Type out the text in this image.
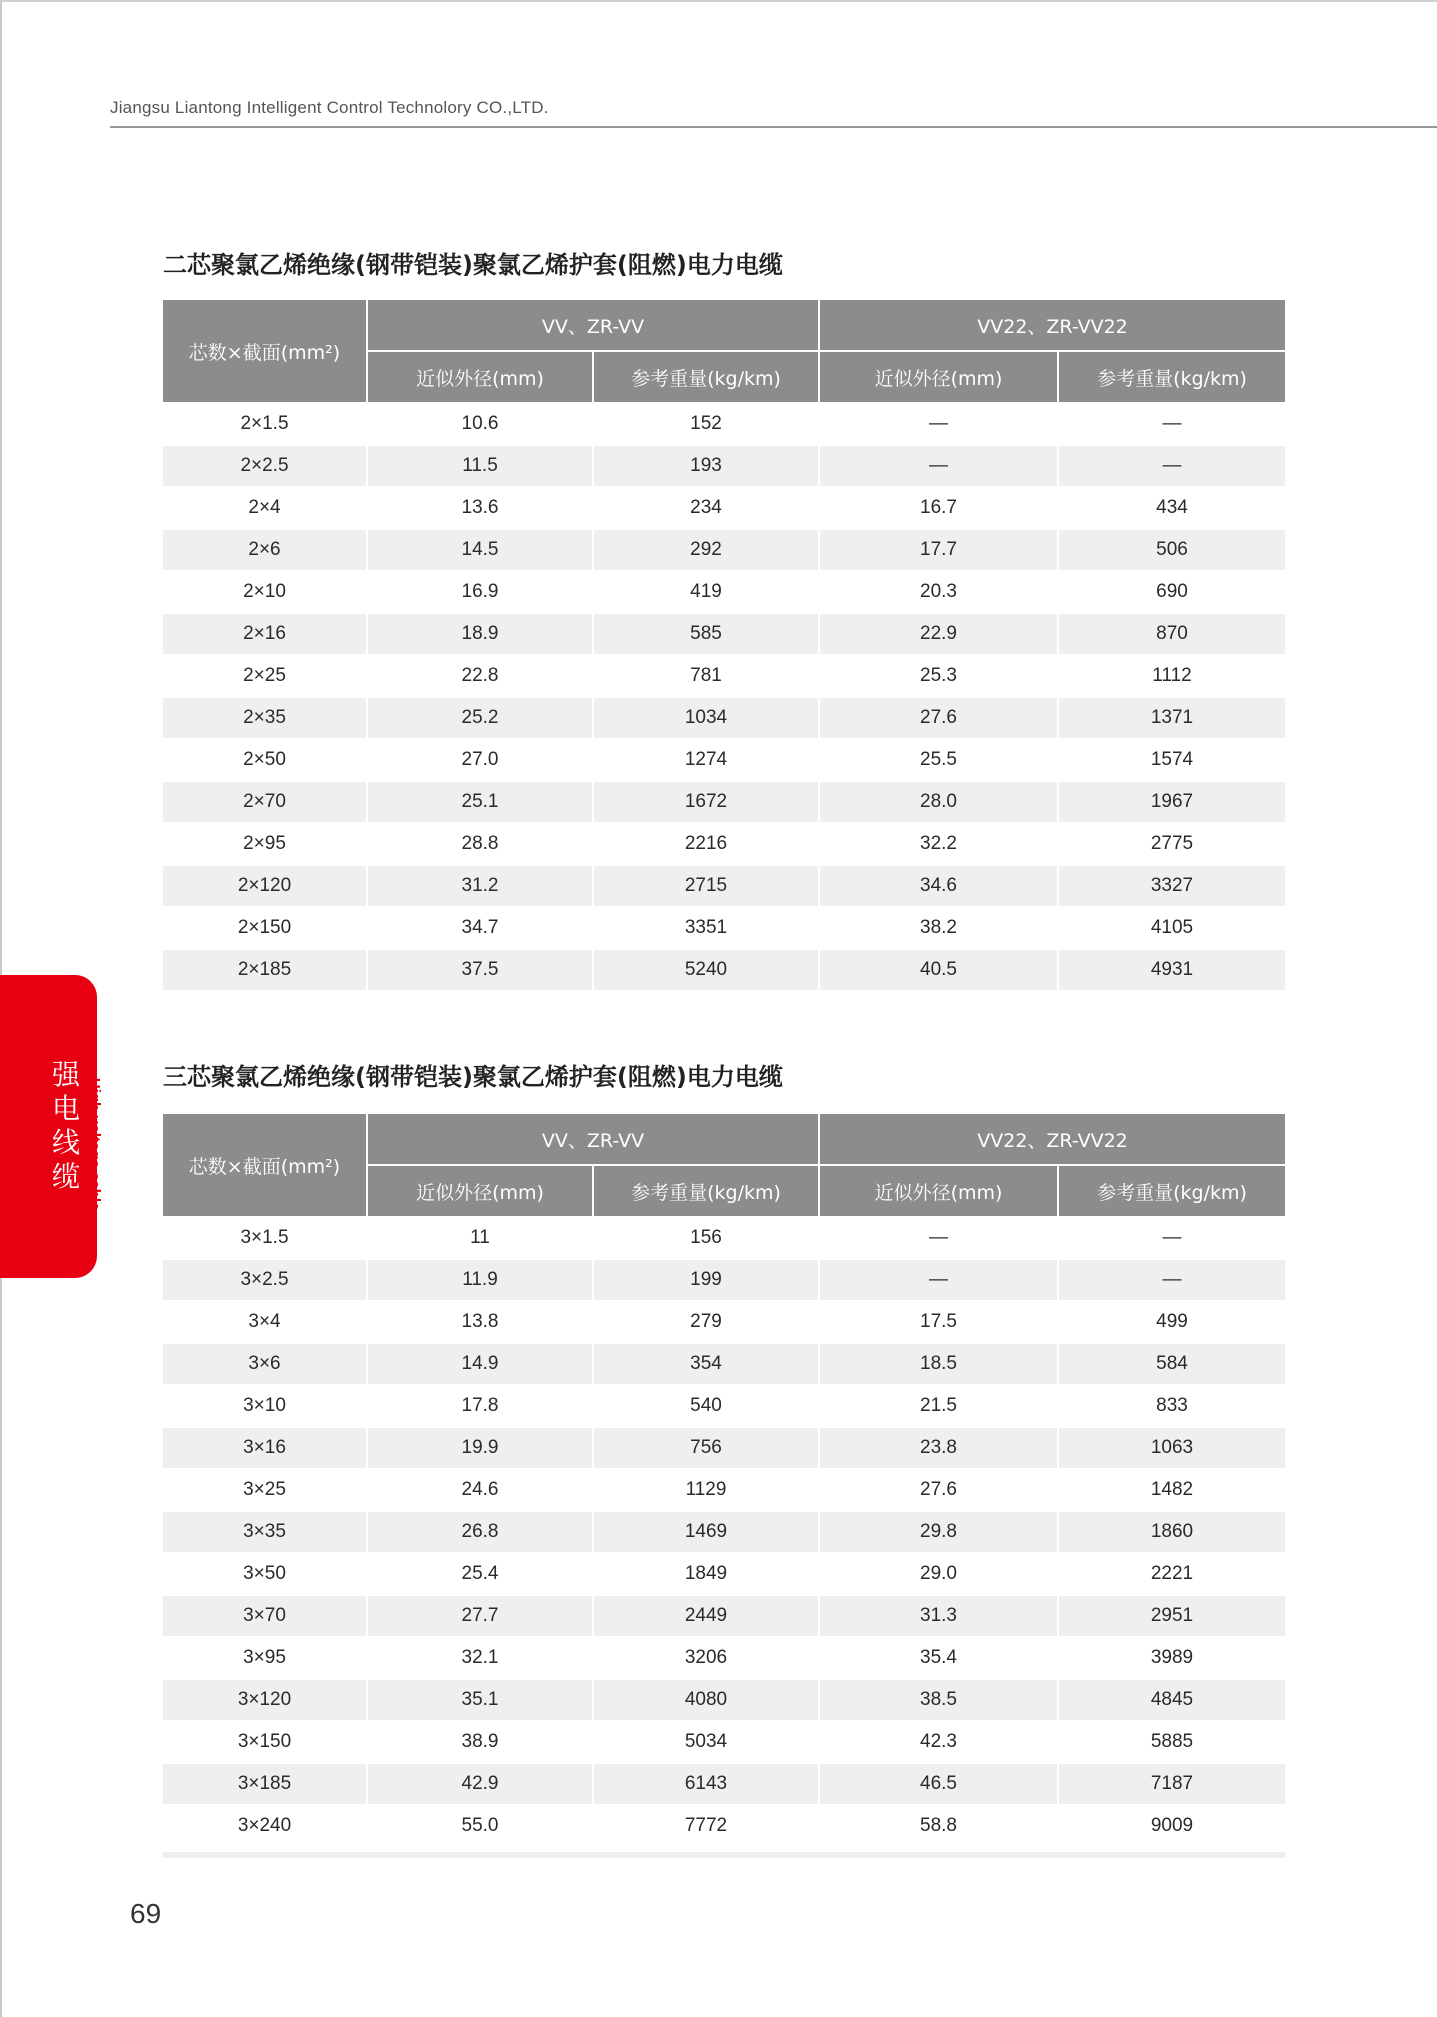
Jiangsu Liantong Intelligent Control Technolory CO.,LTD.
二芯聚氯乙烯绝缘(钢带铠装)聚氯乙烯护套(阻燃)电力电缆
芯数×截面(mm²)	VV、ZR-VV		VV22、ZR-VV22	
	近似外径(mm)	参考重量(kg/km)	近似外径(mm)	参考重量(kg/km)
2×1.5	10.6	152	—	—
2×2.5	11.5	193	—	—
2×4	13.6	234	16.7	434
2×6	14.5	292	17.7	506
2×10	16.9	419	20.3	690
2×16	18.9	585	22.9	870
2×25	22.8	781	25.3	1112
2×35	25.2	1034	27.6	1371
2×50	27.0	1274	25.5	1574
2×70	25.1	1672	28.0	1967
2×95	28.8	2216	32.2	2775
2×120	31.2	2715	34.6	3327
2×150	34.7	3351	38.2	4105
2×185	37.5	5240	40.5	4931
三芯聚氯乙烯绝缘(钢带铠装)聚氯乙烯护套(阻燃)电力电缆
芯数×截面(mm²)	VV、ZR-VV		VV22、ZR-VV22	
	近似外径(mm)	参考重量(kg/km)	近似外径(mm)	参考重量(kg/km)
3×1.5	11	156	—	—
3×2.5	11.9	199	—	—
3×4	13.8	279	17.5	499
3×6	14.9	354	18.5	584
3×10	17.8	540	21.5	833
3×16	19.9	756	23.8	1063
3×25	24.6	1129	27.6	1482
3×35	26.8	1469	29.8	1860
3×50	25.4	1849	29.0	2221
3×70	27.7	2449	31.3	2951
3×95	32.1	3206	35.4	3989
3×120	35.1	4080	38.5	4845
3×150	38.9	5034	42.3	5885
3×185	42.9	6143	46.5	7187
3×240	55.0	7772	58.8	9009
强电线缆
▲High voltage cable
69
